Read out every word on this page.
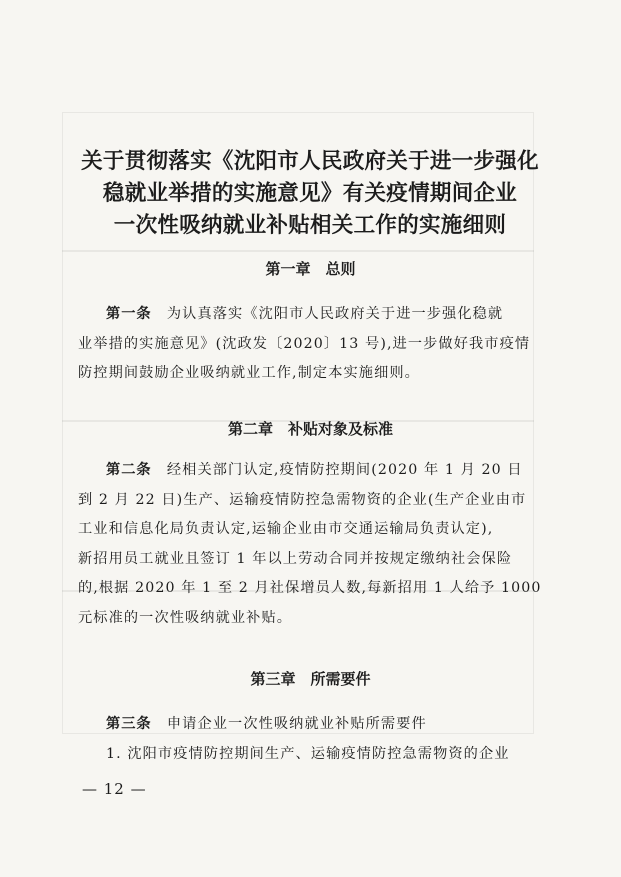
关于贯彻落实《沈阳市人民政府关于进一步强化
稳就业举措的实施意见》有关疫情期间企业
一次性吸纳就业补贴相关工作的实施细则
第一章　总则
第一条　 为认真落实《沈阳市人民政府关于进一步强化稳就
业举措的实施意见》(沈政发〔2020〕13 号),进一步做好我市疫情
防控期间鼓励企业吸纳就业工作,制定本实施细则。
第二章　补贴对象及标准
第二条　 经相关部门认定,疫情防控期间(2020 年 1 月 20 日
到 2 月 22 日)生产、运输疫情防控急需物资的企业(生产企业由市
工业和信息化局负责认定,运输企业由市交通运输局负责认定),
新招用员工就业且签订 1 年以上劳动合同并按规定缴纳社会保险
的,根据 2020 年 1 至 2 月社保增员人数,每新招用 1 人给予 1000
元标准的一次性吸纳就业补贴。
第三章　所需要件
第三条　 申请企业一次性吸纳就业补贴所需要件
1. 沈阳市疫情防控期间生产、运输疫情防控急需物资的企业
— 12 —
